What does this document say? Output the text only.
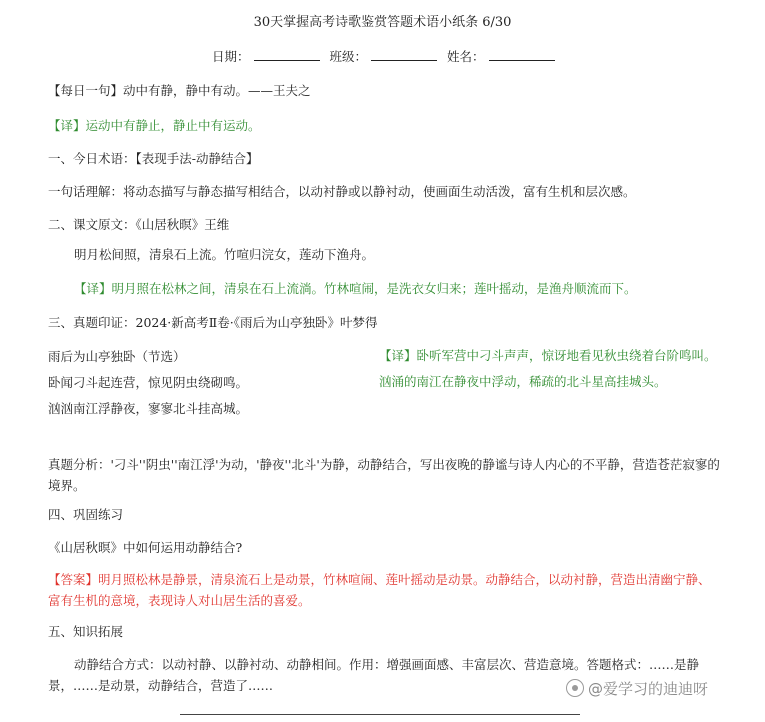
30天掌握高考诗歌鉴赏答题术语小纸条 6/30
日期：	班级：	姓名：
【每日一句】动中有静，静中有动。——王夫之
【译】运动中有静止，静止中有运动。
一、今日术语：【表现手法-动静结合】
一句话理解：将动态描写与静态描写相结合，以动衬静或以静衬动，使画面生动活泼，富有生机和层次感。
二、课文原文：《山居秋暝》王维
明月松间照，清泉石上流。竹喧归浣女，莲动下渔舟。
【译】明月照在松林之间，清泉在石上流淌。竹林喧闹，是洗衣女归来；莲叶摇动，是渔舟顺流而下。
三、真题印证：2024·新高考Ⅱ卷·《雨后为山亭独卧》叶梦得
雨后为山亭独卧（节选）
卧闻刁斗起连营，惊见阴虫绕砌鸣。
汹汹南江浮静夜，寥寥北斗挂高城。
【译】卧听军营中刁斗声声，惊讶地看见秋虫绕着台阶鸣叫。汹涌的南江在静夜中浮动，稀疏的北斗星高挂城头。
真题分析：'刁斗''阴虫''南江浮'为动，'静夜''北斗'为静，动静结合，写出夜晚的静谧与诗人内心的不平静，营造苍茫寂寥的境界。
四、巩固练习
《山居秋暝》中如何运用动静结合?
【答案】明月照松林是静景，清泉流石上是动景，竹林喧闹、莲叶摇动是动景。动静结合，以动衬静，营造出清幽宁静、富有生机的意境，表现诗人对山居生活的喜爱。
五、知识拓展
动静结合方式：以动衬静、以静衬动、动静相间。作用：增强画面感、丰富层次、营造意境。答题格式：……是静景，……是动景，动静结合，营造了……	@爱学习的迪迪呀
